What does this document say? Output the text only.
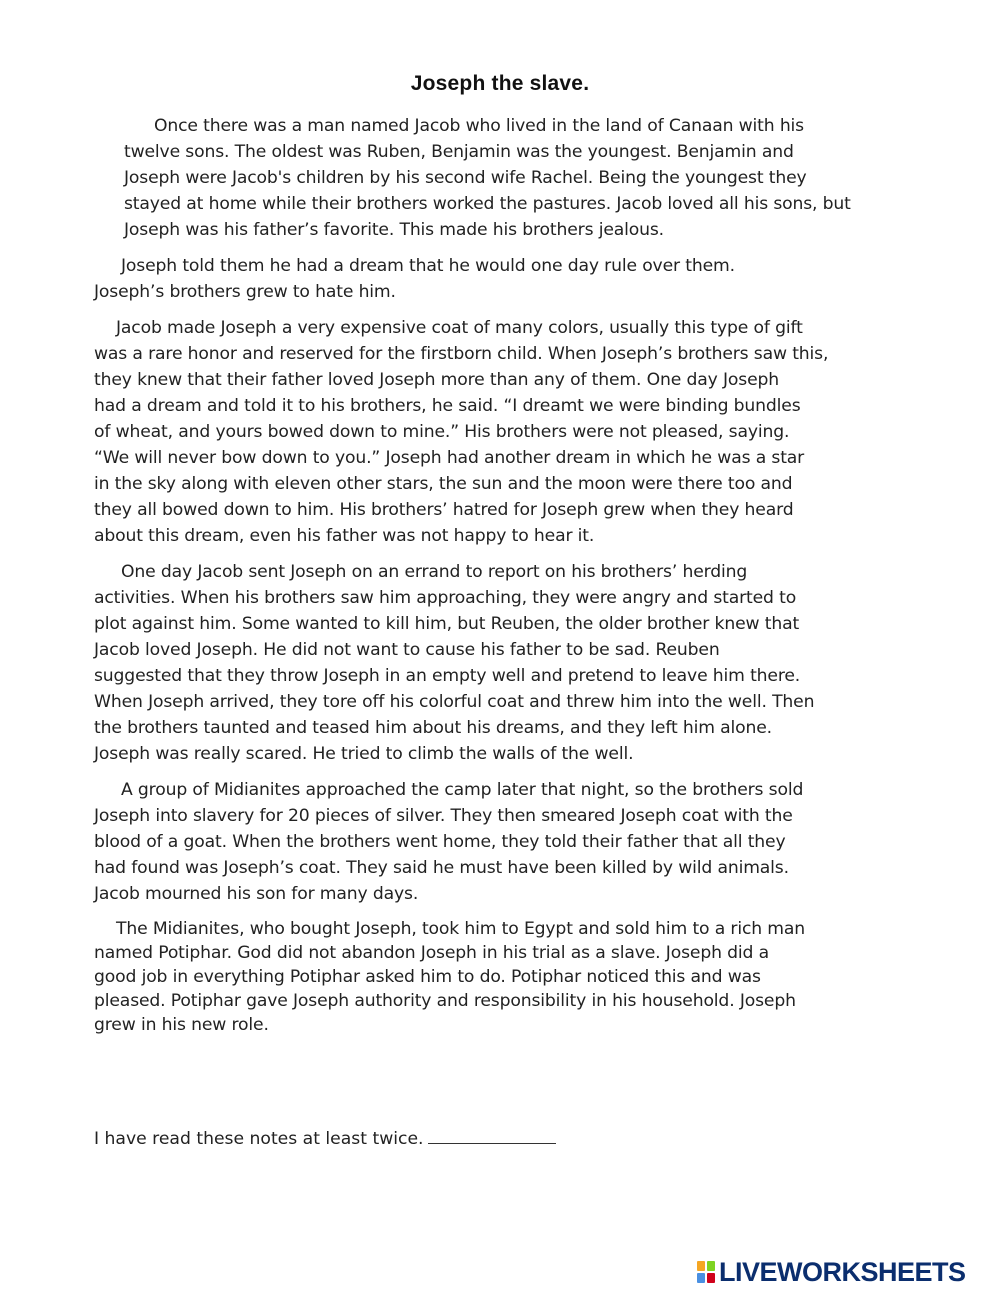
Joseph the slave.
Once there was a man named Jacob who lived in the land of Canaan with his
twelve sons. The oldest was Ruben, Benjamin was the youngest. Benjamin and
Joseph were Jacob's children by his second wife Rachel. Being the youngest they
stayed at home while their brothers worked the pastures. Jacob loved all his sons, but
Joseph was his father’s favorite. This made his brothers jealous.
Joseph told them he had a dream that he would one day rule over them.
Joseph’s brothers grew to hate him.
Jacob made Joseph a very expensive coat of many colors, usually this type of gift
was a rare honor and reserved for the firstborn child. When Joseph’s brothers saw this,
they knew that their father loved Joseph more than any of them. One day Joseph
had a dream and told it to his brothers, he said. “I dreamt we were binding bundles
of wheat, and yours bowed down to mine.” His brothers were not pleased, saying.
“We will never bow down to you.” Joseph had another dream in which he was a star
in the sky along with eleven other stars, the sun and the moon were there too and
they all bowed down to him. His brothers’ hatred for Joseph grew when they heard
about this dream, even his father was not happy to hear it.
One day Jacob sent Joseph on an errand to report on his brothers’ herding
activities. When his brothers saw him approaching, they were angry and started to
plot against him. Some wanted to kill him, but Reuben, the older brother knew that
Jacob loved Joseph. He did not want to cause his father to be sad. Reuben
suggested that they throw Joseph in an empty well and pretend to leave him there.
When Joseph arrived, they tore off his colorful coat and threw him into the well. Then
the brothers taunted and teased him about his dreams, and they left him alone.
Joseph was really scared. He tried to climb the walls of the well.
A group of Midianites approached the camp later that night, so the brothers sold
Joseph into slavery for 20 pieces of silver. They then smeared Joseph coat with the
blood of a goat. When the brothers went home, they told their father that all they
had found was Joseph’s coat. They said he must have been killed by wild animals.
Jacob mourned his son for many days.
The Midianites, who bought Joseph, took him to Egypt and sold him to a rich man
named Potiphar. God did not abandon Joseph in his trial as a slave. Joseph did a
good job in everything Potiphar asked him to do. Potiphar noticed this and was
pleased. Potiphar gave Joseph authority and responsibility in his household. Joseph
grew in his new role.
I have read these notes at least twice.
LIVEWORKSHEETS
